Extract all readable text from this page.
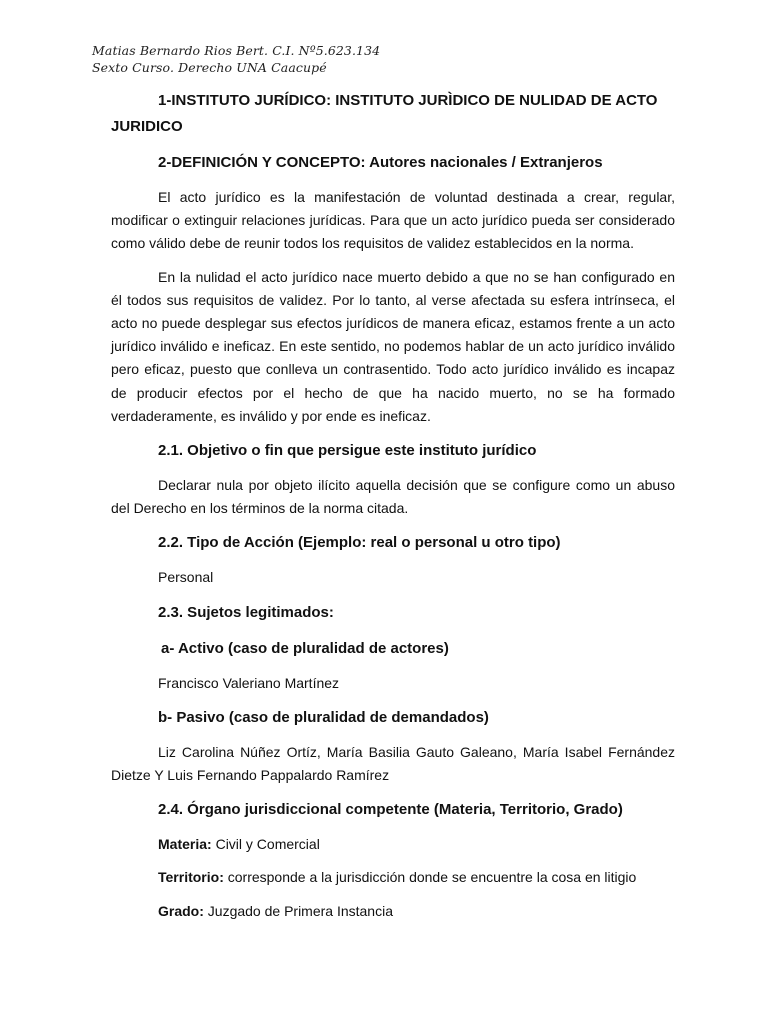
Matias Bernardo Rios Bert. C.I. Nº5.623.134
Sexto Curso. Derecho UNA Caacupé

1-INSTITUTO JURÍDICO: INSTITUTO JURÌDICO DE NULIDAD DE ACTO JURIDICO

2-DEFINICIÓN Y CONCEPTO: Autores nacionales / Extranjeros

El acto jurídico es la manifestación de voluntad destinada a crear, regular, modificar o extinguir relaciones jurídicas. Para que un acto jurídico pueda ser considerado como válido debe de reunir todos los requisitos de validez establecidos en la norma.

En la nulidad el acto jurídico nace muerto debido a que no se han configurado en él todos sus requisitos de validez. Por lo tanto, al verse afectada su esfera intrínseca, el acto no puede desplegar sus efectos jurídicos de manera eficaz, estamos frente a un acto jurídico inválido e ineficaz. En este sentido, no podemos hablar de un acto jurídico inválido pero eficaz, puesto que conlleva un contrasentido. Todo acto jurídico inválido es incapaz de producir efectos por el hecho de que ha nacido muerto, no se ha formado verdaderamente, es inválido y por ende es ineficaz.

2.1. Objetivo o fin que persigue este instituto jurídico

Declarar nula por objeto ilícito aquella decisión que se configure como un abuso del Derecho en los términos de la norma citada.

2.2. Tipo de Acción (Ejemplo: real o personal u otro tipo)

Personal

2.3. Sujetos legitimados:

a- Activo (caso de pluralidad de actores)

Francisco Valeriano Martínez

b- Pasivo (caso de pluralidad de demandados)

Liz Carolina Núñez Ortíz, María Basilia Gauto Galeano, María Isabel Fernández Dietze Y Luis Fernando Pappalardo Ramírez

2.4. Órgano jurisdiccional competente (Materia, Territorio, Grado)

Materia: Civil y Comercial
Territorio: corresponde a la jurisdicción donde se encuentre la cosa en litigio
Grado: Juzgado de Primera Instancia
